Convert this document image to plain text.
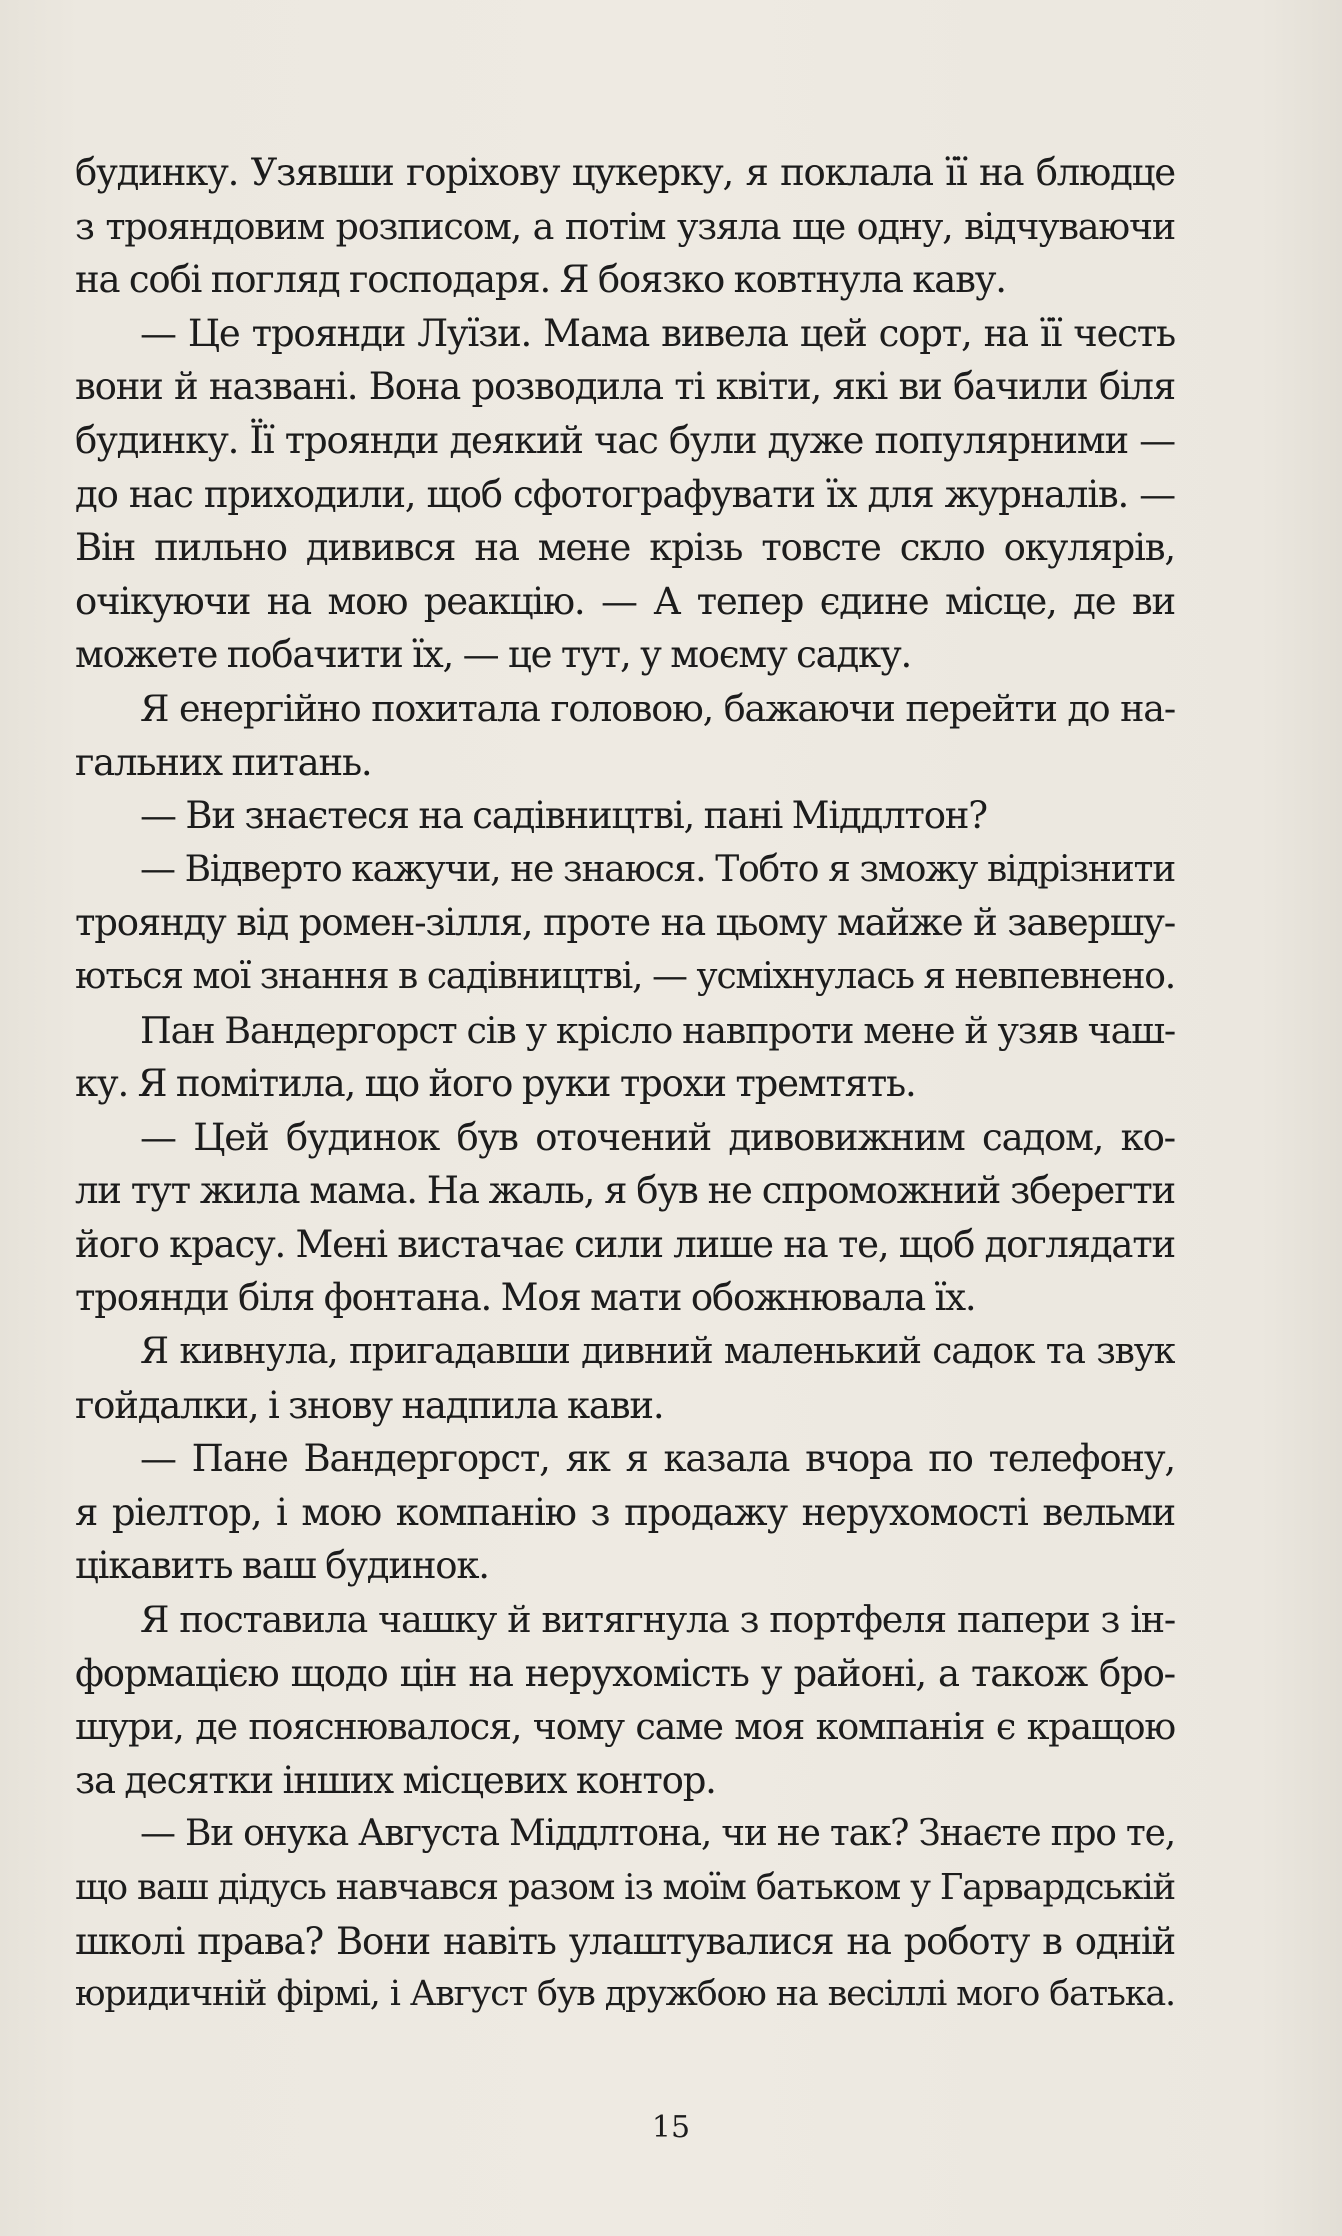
будинку. Узявши горіхову цукерку, я поклала її на блюдце
з трояндовим розписом, а потім узяла ще одну, відчуваючи
на собі погляд господаря. Я боязко ковтнула каву.
— Це троянди Луїзи. Мама вивела цей сорт, на її честь
вони й названі. Вона розводила ті квіти, які ви бачили біля
будинку. Її троянди деякий час були дуже популярними —
до нас приходили, щоб сфотографувати їх для журналів. —
Він пильно дивився на мене крізь товсте скло окулярів,
очікуючи на мою реакцію. — А тепер єдине місце, де ви
можете побачити їх, — це тут, у моєму садку.
Я енергійно похитала головою, бажаючи перейти до на-
гальних питань.
— Ви знаєтеся на садівництві, пані Міддлтон?
— Відверто кажучи, не знаюся. Тобто я зможу відрізнити
троянду від ромен-зілля, проте на цьому майже й завершу-
ються мої знання в садівництві, — усміхнулась я невпевнено.
Пан Вандергорст сів у крісло навпроти мене й узяв чаш-
ку. Я помітила, що його руки трохи тремтять.
— Цей будинок був оточений дивовижним садом, ко-
ли тут жила мама. На жаль, я був не спроможний зберегти
його красу. Мені вистачає сили лише на те, щоб доглядати
троянди біля фонтана. Моя мати обожнювала їх.
Я кивнула, пригадавши дивний маленький садок та звук
гойдалки, і знову надпила кави.
— Пане Вандергорст, як я казала вчора по телефону,
я ріелтор, і мою компанію з продажу нерухомості вельми
цікавить ваш будинок.
Я поставила чашку й витягнула з портфеля папери з ін-
формацією щодо цін на нерухомість у районі, а також бро-
шури, де пояснювалося, чому саме моя компанія є кращою
за десятки інших місцевих контор.
— Ви онука Августа Міддлтона, чи не так? Знаєте про те,
що ваш дідусь навчався разом із моїм батьком у Гарвардській
школі права? Вони навіть улаштувалися на роботу в одній
юридичній фірмі, і Август був дружбою на весіллі мого батька.
15
